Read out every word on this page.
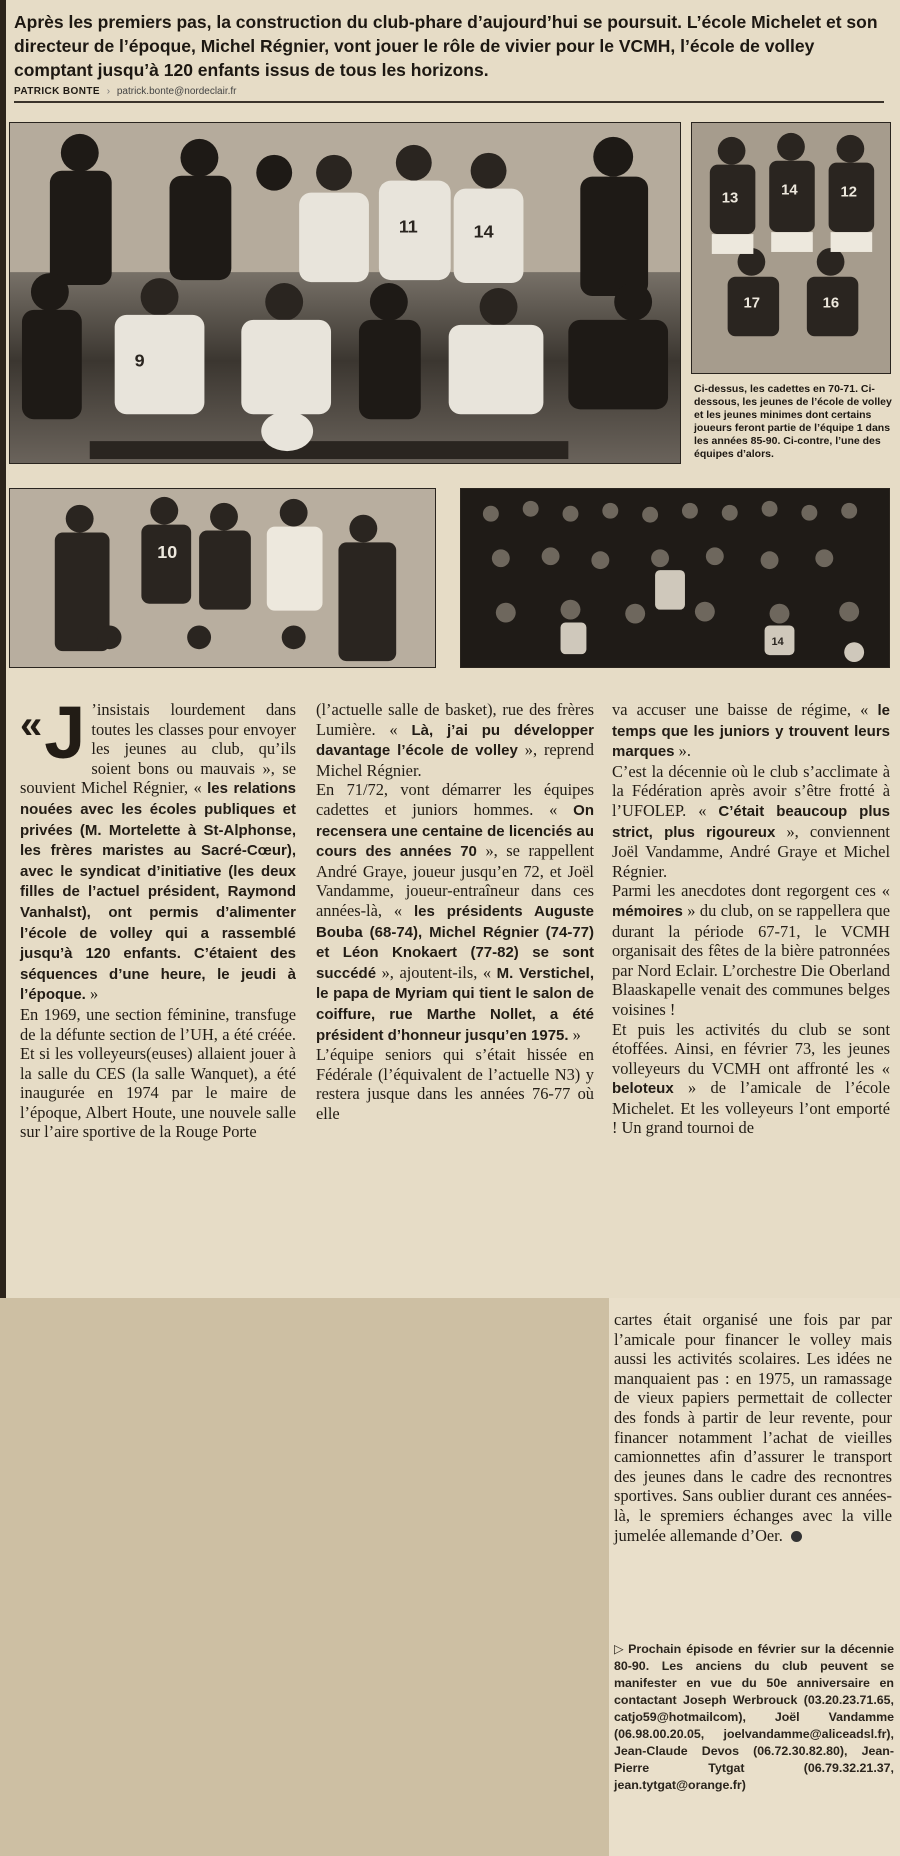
Après les premiers pas, la construction du club-phare d’aujourd’hui se poursuit. L’école Michelet et son directeur de l’époque, Michel Régnier, vont jouer le rôle de vivier pour le VCMH, l’école de volley comptant jusqu’à 120 enfants issus de tous les horizons.
PATRICK BONTE › patrick.bonte@nordeclair.fr
9
11	14
13	14	12
17	16
10
14
Ci-dessus, les cadettes en 70-71. Ci-dessous, les jeunes de l’école de volley et les jeunes minimes dont certains joueurs feront partie de l’équipe 1 dans les années 85-90. Ci-contre, l’une des équipes d’alors.
« J ’insistais lourdement dans toutes les classes pour envoyer les jeunes au club, qu’ils soient bons ou mauvais », se souvient Michel Régnier, « les relations nouées avec les écoles publiques et privées (M. Mortelette à St-Alphonse, les frères maristes au Sacré-Cœur), avec le syndicat d’initiative (les deux filles de l’actuel président, Raymond Vanhalst), ont permis d’alimenter l’école de volley qui a rassemblé jusqu’à 120 enfants. C’étaient des séquences d’une heure, le jeudi à l’époque. »
En 1969, une section féminine, transfuge de la défunte section de l’UH, a été créée. Et si les volleyeurs(euses) allaient jouer à la salle du CES (la salle Wanquet), a été inaugurée en 1974 par le maire de l’époque, Albert Houte, une nouvele salle sur l’aire sportive de la Rouge Porte
(l’actuelle salle de basket), rue des frères Lumière. « Là, j’ai pu développer davantage l’école de volley », reprend Michel Régnier.
En 71/72, vont démarrer les équipes cadettes et juniors hommes. « On recensera une centaine de licenciés au cours des années 70 », se rappellent André Graye, joueur jusqu’en 72, et Joël Vandamme, joueur-entraîneur dans ces années-là, « les présidents Auguste Bouba (68-74), Michel Régnier (74-77) et Léon Knokaert (77-82) se sont succédé », ajoutent-ils, « M. Verstichel, le papa de Myriam qui tient le salon de coiffure, rue Marthe Nollet, a été président d’honneur jusqu’en 1975. »
L’équipe seniors qui s’était hissée en Fédérale (l’équivalent de l’actuelle N3) y restera jusque dans les années 76-77 où elle
va accuser une baisse de régime, « le temps que les juniors y trouvent leurs marques ».
C’est la décennie où le club s’acclimate à la Fédération après avoir s’être frotté à l’UFOLEP. « C’était beaucoup plus strict, plus rigoureux », conviennent Joël Vandamme, André Graye et Michel Régnier.
Parmi les anecdotes dont regorgent ces « mémoires » du club, on se rappellera que durant la période 67-71, le VCMH organisait des fêtes de la bière patronnées par Nord Eclair. L’orchestre Die Oberland Blaaskapelle venait des communes belges voisines !
Et puis les activités du club se sont étoffées. Ainsi, en février 73, les jeunes volleyeurs du VCMH ont affronté les « beloteux » de l’amicale de l’école Michelet. Et les volleyeurs l’ont emporté ! Un grand tournoi de
cartes était organisé une fois par par l’amicale pour financer le volley mais aussi les activités scolaires. Les idées ne manquaient pas : en 1975, un ramassage de vieux papiers permettait de collecter des fonds à partir de leur revente, pour financer notamment l’achat de vieilles camionnettes afin d’assurer le transport des jeunes dans le cadre des recnontres sportives. Sans oublier durant ces années-là, le spremiers échanges avec la ville jumelée allemande d’Oer.
▷ Prochain épisode en février sur la décennie 80-90. Les anciens du club peuvent se manifester en vue du 50e anniversaire en contactant Joseph Werbrouck (03.20.23.71.65, catjo59@hotmailcom), Joël Vandamme (06.98.00.20.05, joelvandamme@aliceadsl.fr), Jean-Claude Devos (06.72.30.82.80), Jean-Pierre Tytgat (06.79.32.21.37, jean.tytgat@orange.fr)
